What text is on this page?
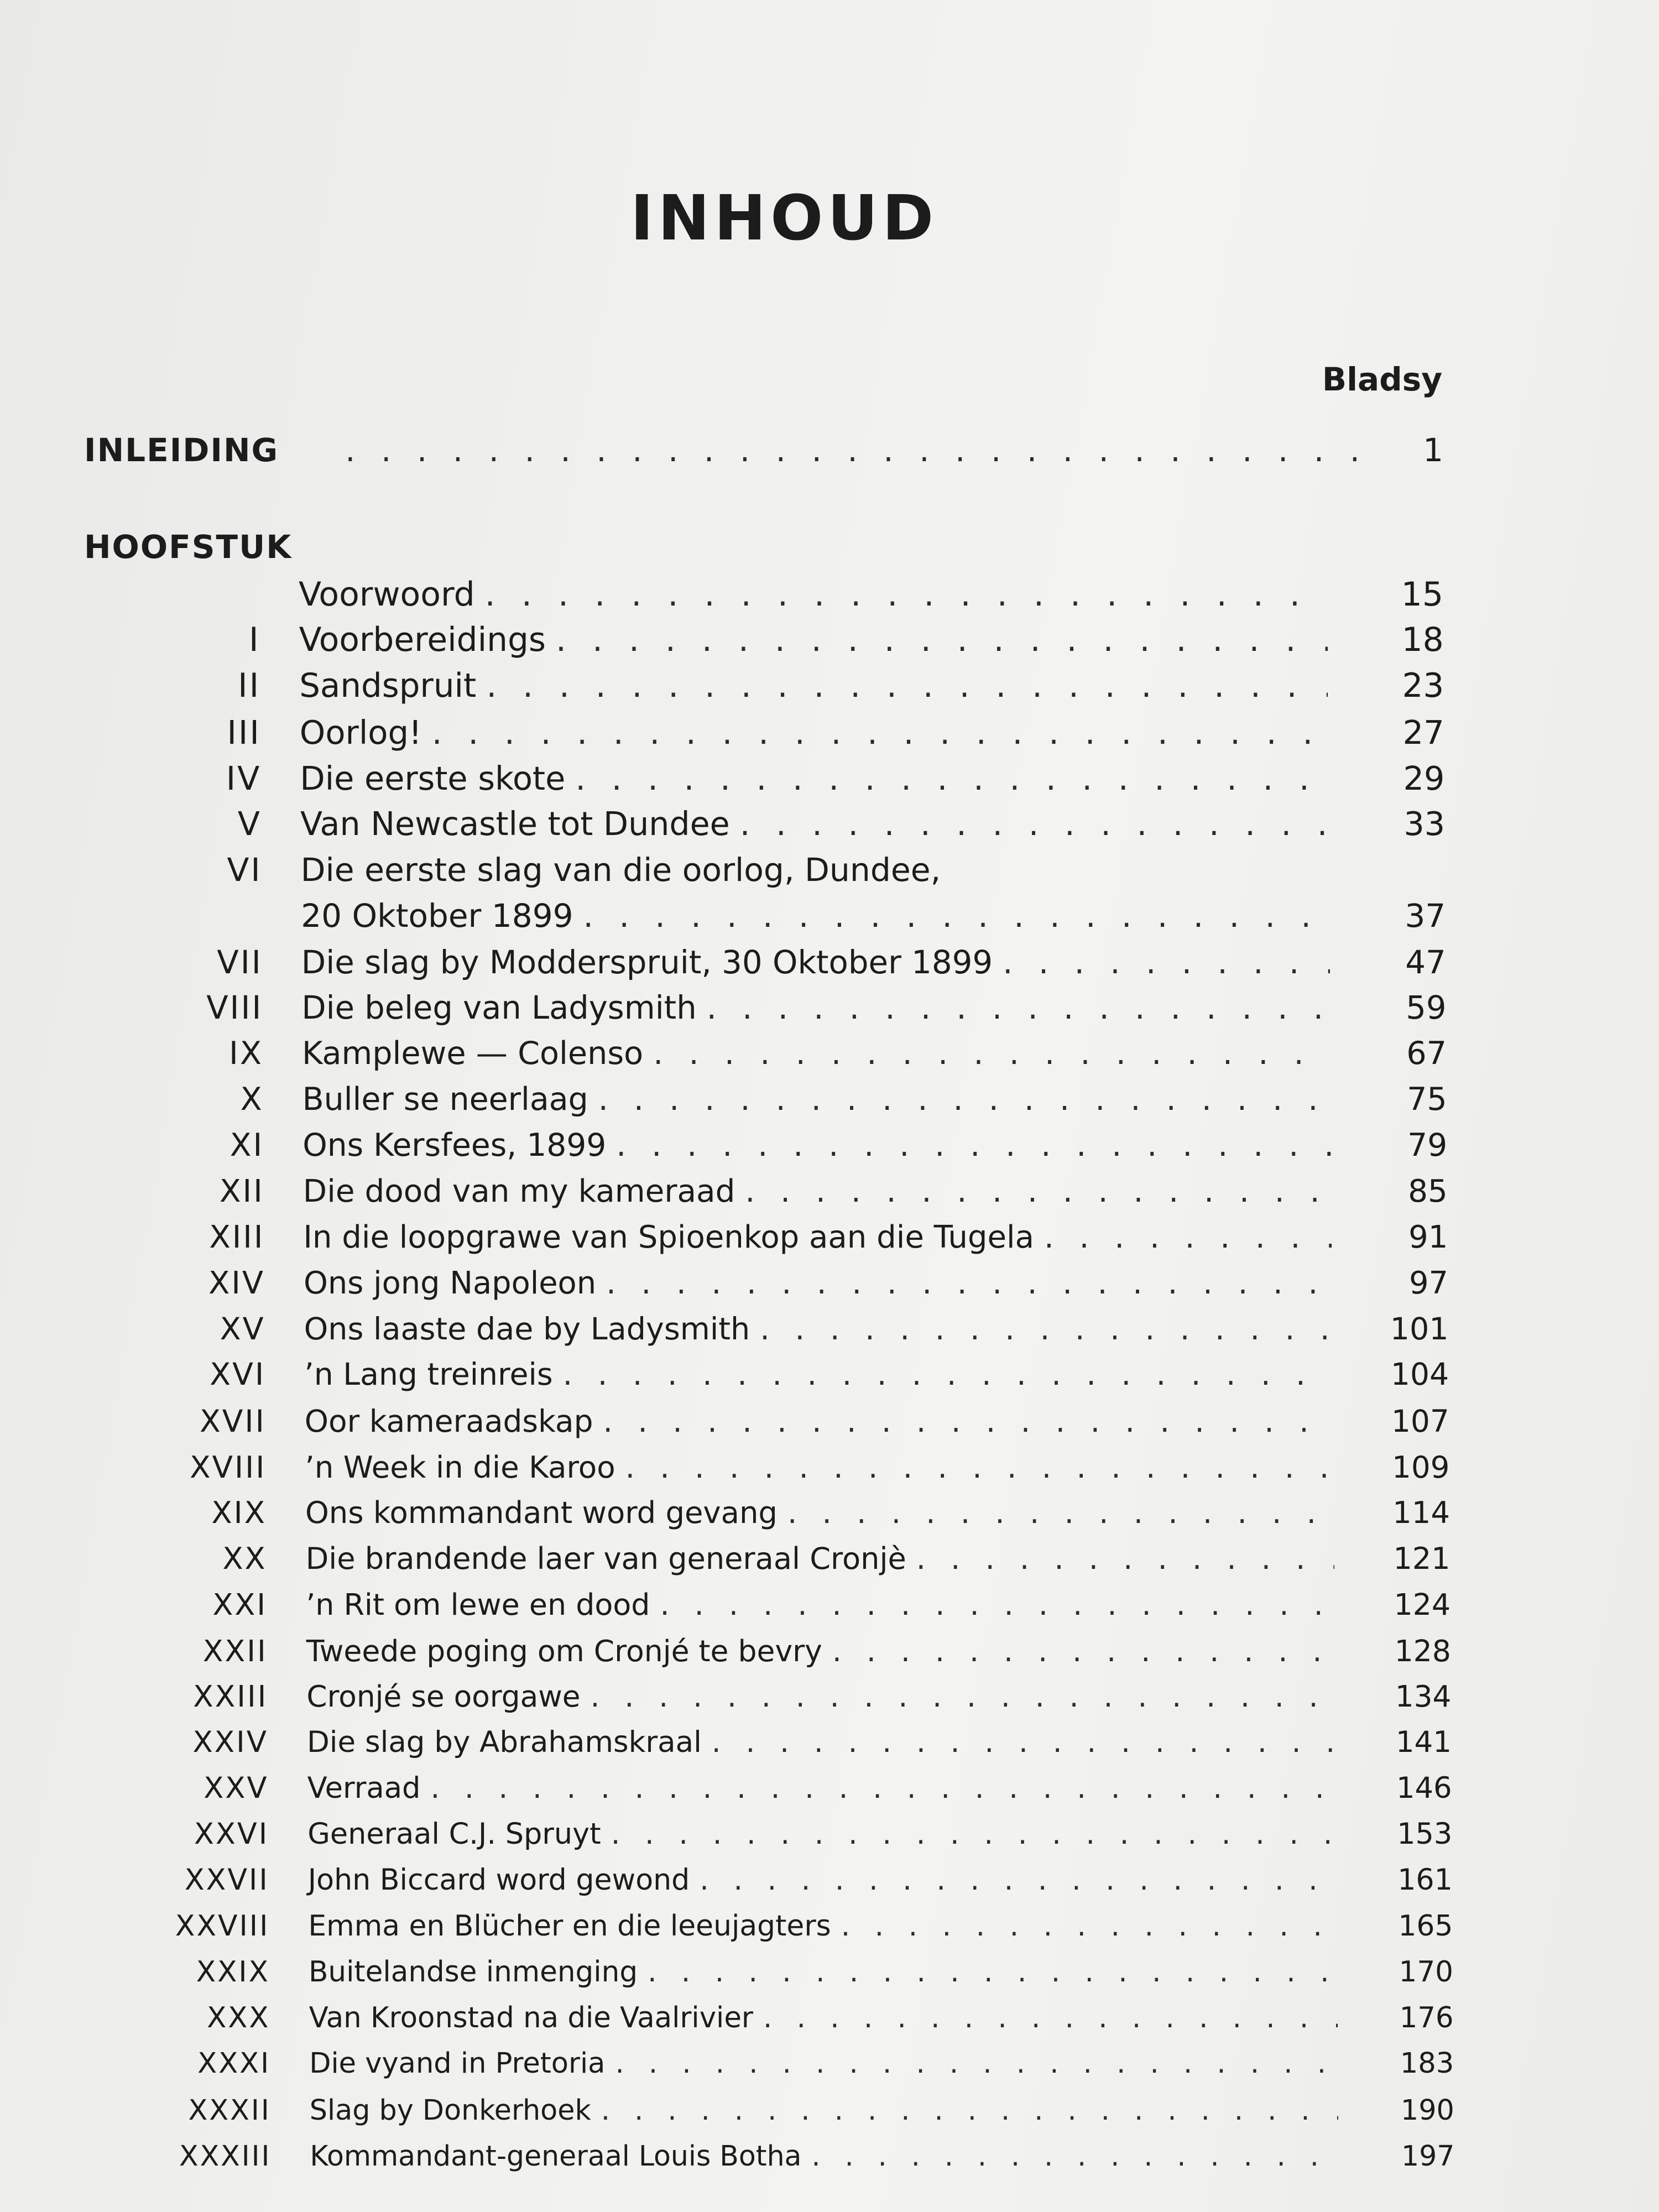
INHOUD
Bladsy
INLEIDING . . .	1
HOOFSTUK
Voorwoord . . .	15
I	Voorbereidings . . .	18
II	Sandspruit . . .	23
III	Oorlog! . . .	27
IV	Die eerste skote . . .	29
V	Van Newcastle tot Dundee . . .	33
VI	Die eerste slag van die oorlog, Dundee,
20 Oktober 1899 . . .	37
VII	Die slag by Modderspruit, 30 Oktober 1899 . . .	47
VIII	Die beleg van Ladysmith . . .	59
IX	Kamplewe — Colenso . . .	67
X	Buller se neerlaag . . .	75
XI	Ons Kersfees, 1899 . . .	79
XII	Die dood van my kameraad . . .	85
XIII	In die loopgrawe van Spioenkop aan die Tugela . . .	91
XIV	Ons jong Napoleon . . .	97
XV	Ons laaste dae by Ladysmith . . .	101
XVI	’n Lang treinreis . . .	104
XVII	Oor kameraadskap . . .	107
XVIII	’n Week in die Karoo . . .	109
XIX	Ons kommandant word gevang . . .	114
XX	Die brandende laer van generaal Cronjè . . .	121
XXI	’n Rit om lewe en dood . . .	124
XXII	Tweede poging om Cronjé te bevry . . .	128
XXIII	Cronjé se oorgawe . . .	134
XXIV	Die slag by Abrahamskraal . . .	141
XXV	Verraad . . .	146
XXVI	Generaal C.J. Spruyt . . .	153
XXVII	John Biccard word gewond . . .	161
XXVIII	Emma en Blücher en die leeujagters . . .	165
XXIX	Buitelandse inmenging . . .	170
XXX	Van Kroonstad na die Vaalrivier . . .	176
XXXI	Die vyand in Pretoria . . .	183
XXXII	Slag by Donkerhoek . . .	190
XXXIII	Kommandant-generaal Louis Botha . . .	197
